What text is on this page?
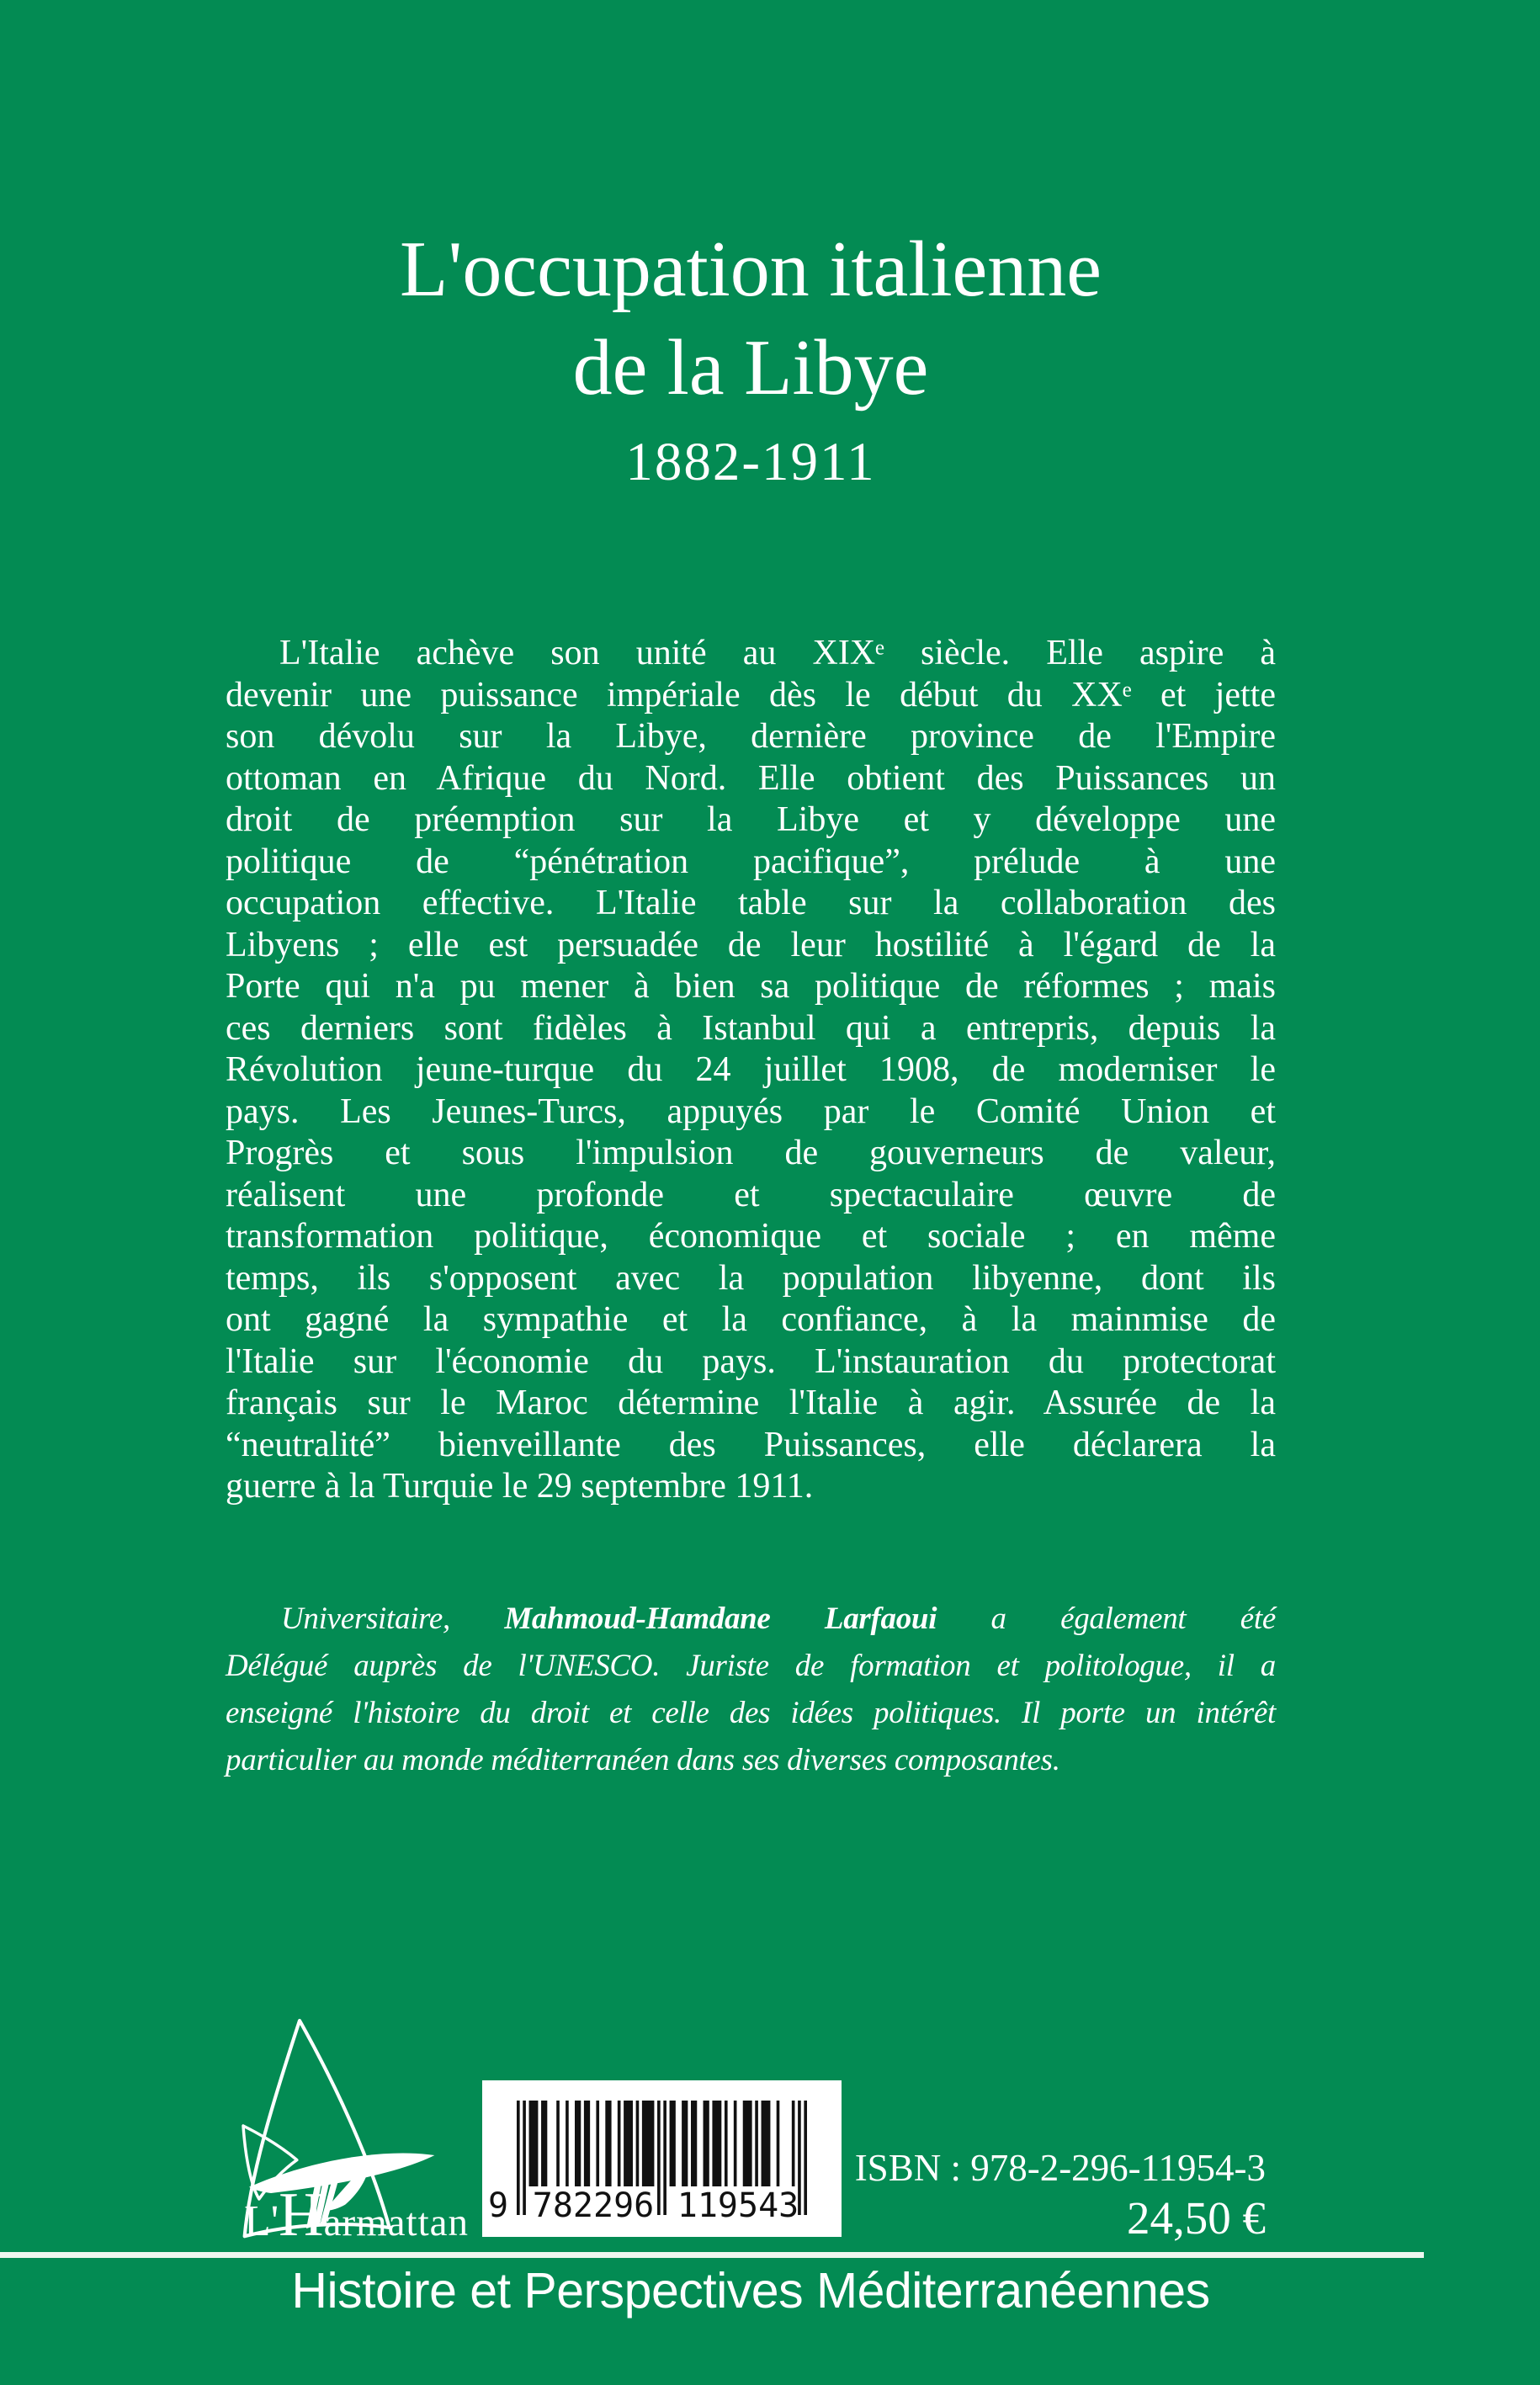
L'occupation italienne
de la Libye
1882-1911
L'Italie achève son unité au XIXᵉ siècle. Elle aspire à
devenir une puissance impériale dès le début du XXᵉ et jette
son dévolu sur la Libye, dernière province de l'Empire
ottoman en Afrique du Nord. Elle obtient des Puissances un
droit de préemption sur la Libye et y développe une
politique de “pénétration pacifique”, prélude à une
occupation effective. L'Italie table sur la collaboration des
Libyens ; elle est persuadée de leur hostilité à l'égard de la
Porte qui n'a pu mener à bien sa politique de réformes ; mais
ces derniers sont fidèles à Istanbul qui a entrepris, depuis la
Révolution jeune-turque du 24 juillet 1908, de moderniser le
pays. Les Jeunes-Turcs, appuyés par le Comité Union et
Progrès et sous l'impulsion de gouverneurs de valeur,
réalisent une profonde et spectaculaire œuvre de
transformation politique, économique et sociale ; en même
temps, ils s'opposent avec la population libyenne, dont ils
ont gagné la sympathie et la confiance, à la mainmise de
l'Italie sur l'économie du pays. L'instauration du protectorat
français sur le Maroc détermine l'Italie à agir. Assurée de la
“neutralité” bienveillante des Puissances, elle déclarera la
guerre à la Turquie le 29 septembre 1911.
Universitaire, Mahmoud-Hamdane Larfaoui a également été
Délégué auprès de l'UNESCO. Juriste de formation et politologue, il a
enseigné l'histoire du droit et celle des idées politiques. Il porte un intérêt
particulier au monde méditerranéen dans ses diverses composantes.
L'Harmattan 9 782296 119543
ISBN : 978-2-296-11954-3
24,50 €
Histoire et Perspectives Méditerranéennes
